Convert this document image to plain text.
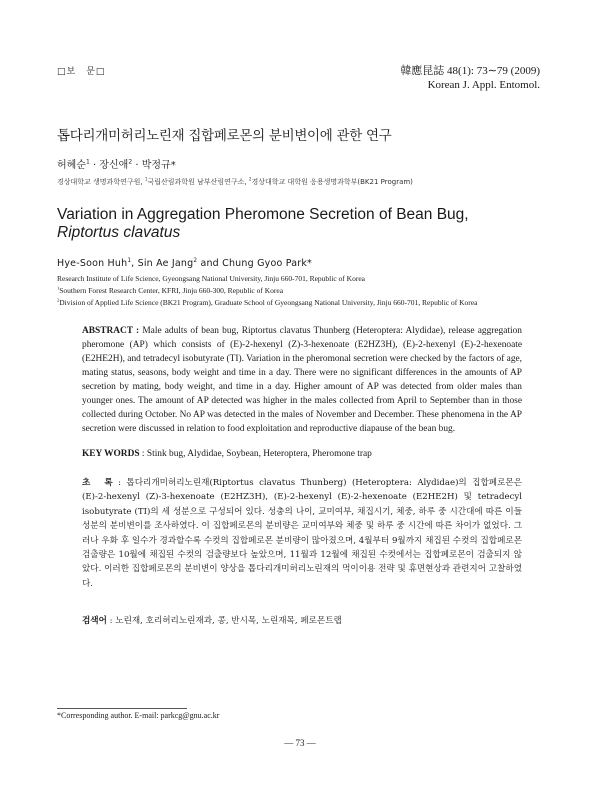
□보　문□	韓應昆誌 48(1): 73∼79 (2009)
Korean J. Appl. Entomol.
톱다리개미허리노린재 집합페로몬의 분비변이에 관한 연구
허혜순$^1$ · 장신애$^2$ · 박정규*
경상대학교 생명과학연구원, $^1$국립산림과학원 남부산림연구소, $^2$경상대학교 대학원 응용생명과학부(BK21 Program)
Variation in Aggregation Pheromone Secretion of Bean Bug,
Riptortus clavatus
Hye-Soon Huh$^1$, Sin Ae Jang$^2$ and Chung Gyoo Park*
Research Institute of Life Science, Gyeongsang National University, Jinju 660-701, Republic of Korea
$^1$Southern Forest Research Center, KFRI, Jinju 660-300, Republic of Korea
$^2$Division of Applied Life Science (BK21 Program), Graduate School of Gyeongsang National University, Jinju 660-701, Republic of Korea
ABSTRACT : Male adults of bean bug, Riptortus clavatus Thunberg (Heteroptera: Alydidae), release aggregation pheromone (AP) which consists of (E)-2-hexenyl (Z)-3-hexenoate (E2HZ3H), (E)-2-hexenyl (E)-2-hexenoate (E2HE2H), and tetradecyl isobutyrate (TI). Variation in the pheromonal secretion were checked by the factors of age, mating status, seasons, body weight and time in a day. There were no significant differences in the amounts of AP secretion by mating, body weight, and time in a day. Higher amount of AP was detected from older males than younger ones. The amount of AP detected was higher in the males collected from April to September than in those collected during October. No AP was detected in the males of November and December. These phenomena in the AP secretion were discussed in relation to food exploitation and reproductive diapause of the bean bug.
KEY WORDS : Stink bug, Alydidae, Soybean, Heteroptera, Pheromone trap
초　록 : 톱다리개미허리노린재(Riptortus clavatus Thunberg) (Heteroptera: Alydidae)의 집합페로몬은 (E)-2-hexenyl (Z)-3-hexenoate (E2HZ3H), (E)-2-hexenyl (E)-2-hexenoate (E2HE2H) 및 tetradecyl isobutyrate (TI)의 세 성분으로 구성되어 있다. 성충의 나이, 교미여부, 채집시기, 체중, 하루 중 시간대에 따른 이들 성분의 분비변이를 조사하였다. 이 집합페로몬의 분비량은 교미여부와 체중 및 하루 중 시간에 따른 차이가 없었다. 그러나 우화 후 일수가 경과할수록 수컷의 집합페로몬 분비량이 많아졌으며, 4월부터 9월까지 채집된 수컷의 집합페로몬 검출량은 10월에 채집된 수컷의 검출량보다 높았으며, 11월과 12월에 채집된 수컷에서는 집합페로몬이 검출되지 않았다. 이러한 집합페로몬의 분비변이 양상을 톱다리개미허리노린재의 먹이이용 전략 및 휴면현상과 관련지어 고찰하였다.
검색어 : 노린재, 호리허리노린재과, 콩, 반시목, 노린재목, 페로몬트랩
*Corresponding author. E-mail: parkcg@gnu.ac.kr
— 73 —
